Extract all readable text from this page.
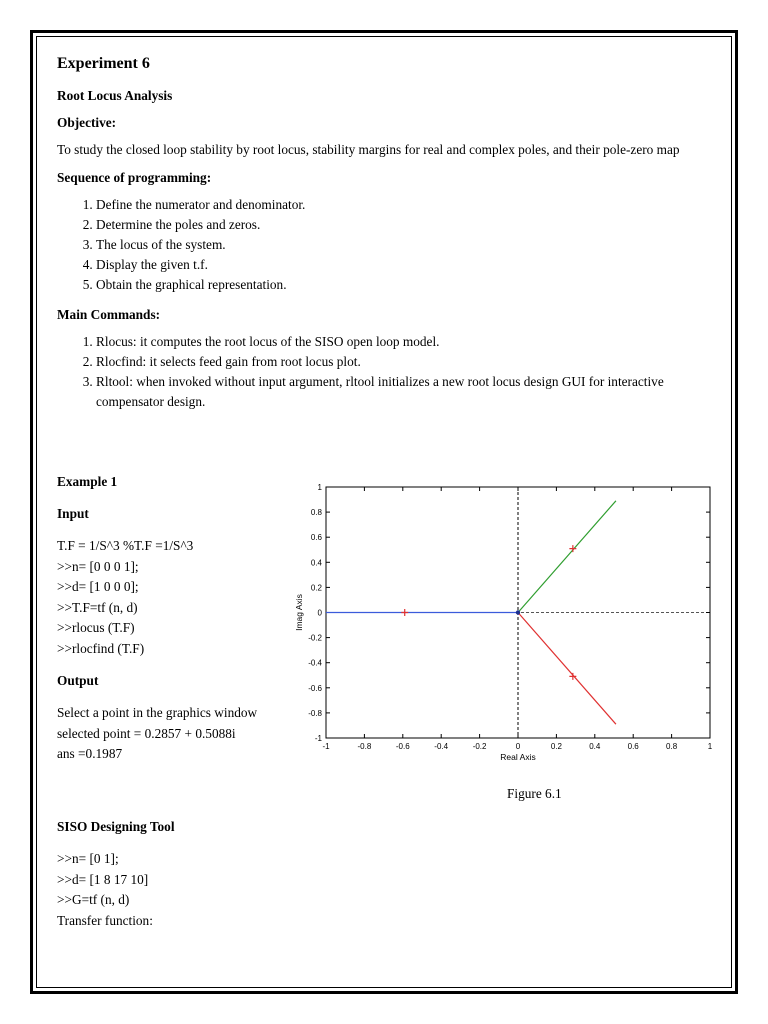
Experiment 6
Root Locus Analysis
Objective:

To study the closed loop stability by root locus, stability margins for real and complex poles, and their pole-zero map

Sequence of programming:
1. Define the numerator and denominator.
2. Determine the poles and zeros.
3. The locus of the system.
4. Display the given t.f.
5. Obtain the graphical representation.
Main Commands:
1. Rlocus: it computes the root locus of the SISO open loop model.
2. Rlocfind: it selects feed gain from root locus plot.
3. Rltool: when invoked without input argument, rltool initializes a new root locus design GUI for interactive compensator design.
Example 1
Input
T.F = 1/S^3 %T.F =1/S^3
>>n= [0 0 0 1];
>>d= [1 0 0 0];
>>T.F=tf (n, d)
>>rlocus (T.F)
>>rlocfind (T.F)
Output
Select a point in the graphics window
selected point = 0.2857 + 0.5088i
ans =0.1987	-1	-0.8	-0.6	-0.4	-0.2	0	0.2	0.4	0.6	0.8	1
-1
-0.8
-0.6
-0.4
-0.2
0
0.2
0.4
0.6
0.8
1
Real Axis
Imag Axis
Figure 6.1
SISO Designing Tool
>>n= [0 1];
>>d= [1 8 17 10]
>>G=tf (n, d)
Transfer function:
